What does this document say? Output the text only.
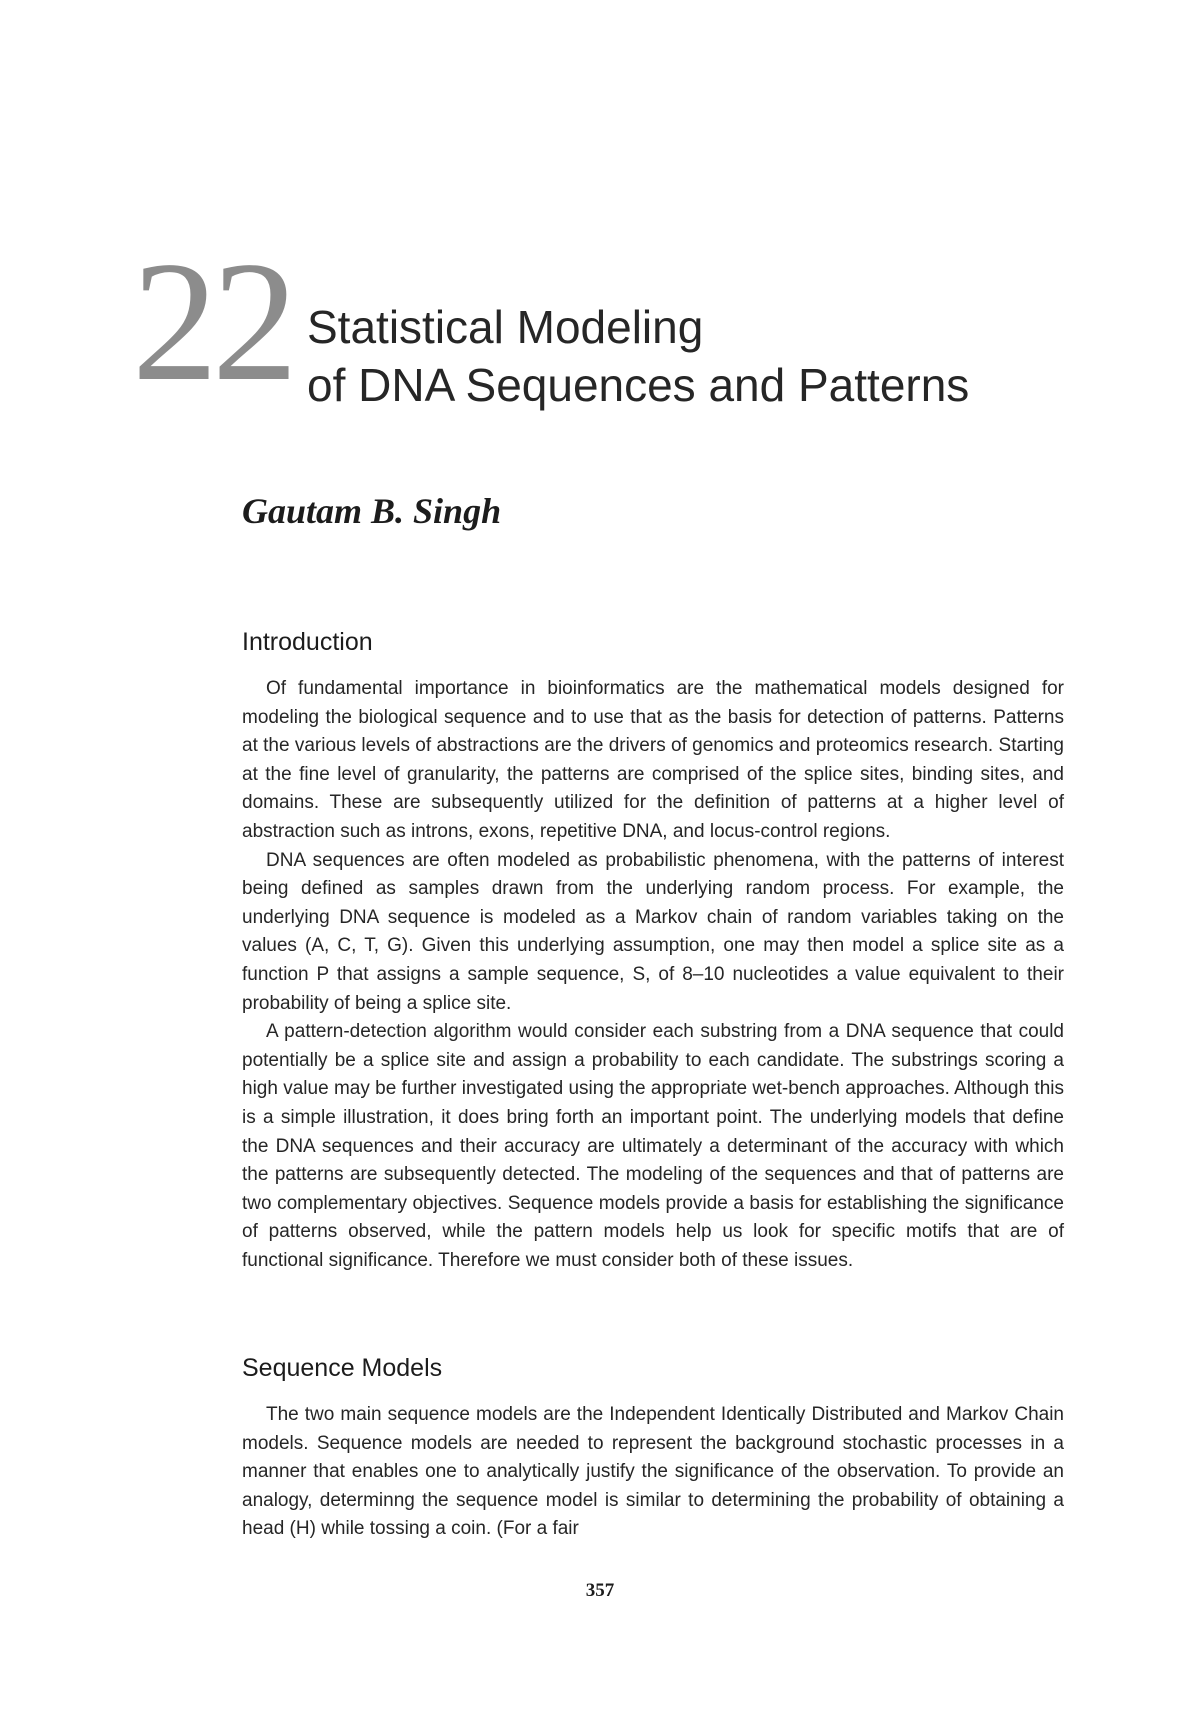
22 Statistical Modeling
of DNA Sequences and Patterns
Gautam B. Singh
Introduction

Of fundamental importance in bioinformatics are the mathematical models designed for modeling the biological sequence and to use that as the basis for detection of patterns. Patterns at the various levels of abstractions are the drivers of genomics and proteomics research. Starting at the fine level of granularity, the patterns are comprised of the splice sites, binding sites, and domains. These are subsequently utilized for the definition of patterns at a higher level of abstraction such as introns, exons, repetitive DNA, and locus-control regions.

DNA sequences are often modeled as probabilistic phenomena, with the patterns of interest being defined as samples drawn from the underlying random process. For example, the underlying DNA sequence is modeled as a Markov chain of random variables taking on the values (A, C, T, G). Given this underlying assumption, one may then model a splice site as a function P that assigns a sample sequence, S, of 8–10 nucleotides a value equivalent to their probability of being a splice site.

A pattern-detection algorithm would consider each substring from a DNA sequence that could potentially be a splice site and assign a probability to each candidate. The substrings scoring a high value may be further investigated using the appropriate wet-bench approaches. Although this is a simple illustration, it does bring forth an important point. The underlying models that define the DNA sequences and their accuracy are ultimately a determinant of the accuracy with which the patterns are subsequently detected. The modeling of the sequences and that of patterns are two complementary objectives. Sequence models provide a basis for establishing the significance of patterns observed, while the pattern models help us look for specific motifs that are of functional significance. Therefore we must consider both of these issues.

Sequence Models

The two main sequence models are the Independent Identically Distributed and Markov Chain models. Sequence models are needed to represent the background stochastic processes in a manner that enables one to analytically justify the significance of the observation. To provide an analogy, determinng the sequence model is similar to determining the probability of obtaining a head (H) while tossing a coin. (For a fair

357
